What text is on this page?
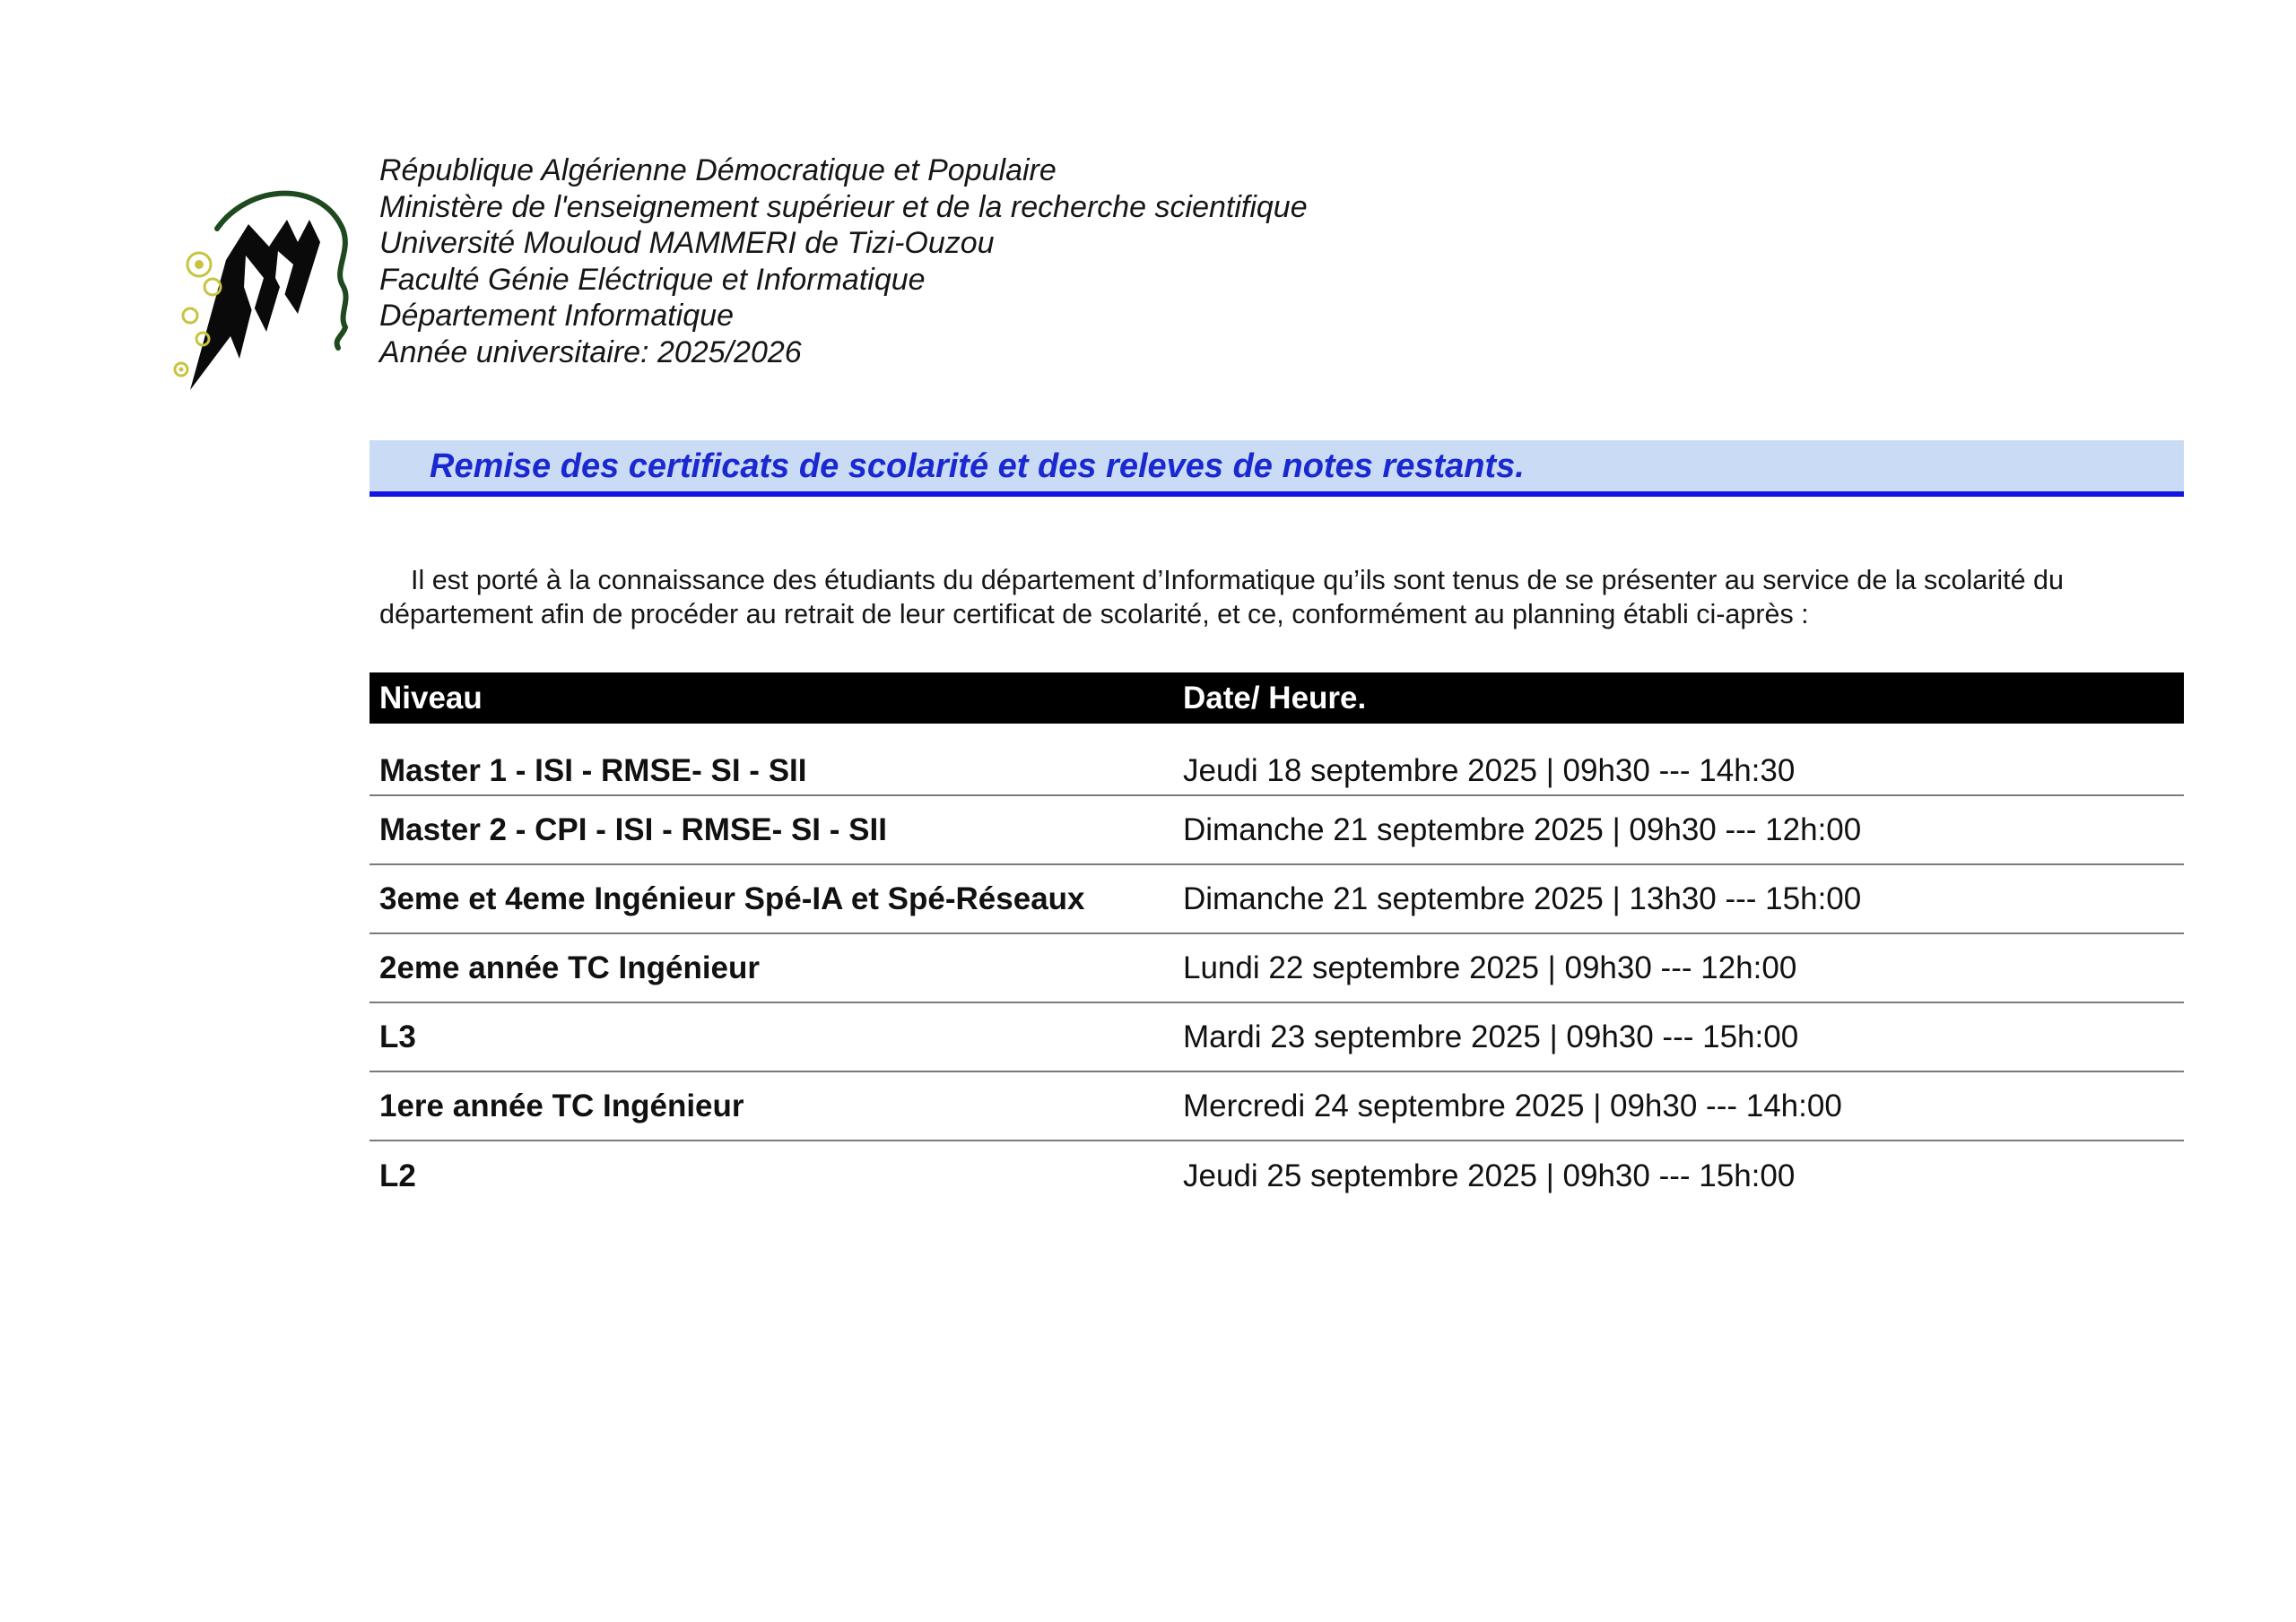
République Algérienne Démocratique et Populaire
Ministère de l'enseignement supérieur et de la recherche scientifique
Université Mouloud MAMMERI de Tizi-Ouzou
Faculté Génie Eléctrique et Informatique
Département Informatique
Année universitaire: 2025/2026
Remise des certificats de scolarité et des releves de notes restants.

Il est porté à la connaissance des étudiants du département d’Informatique qu’ils sont tenus de se présenter au service de la scolarité du département afin de procéder au retrait de leur certificat de scolarité, et ce, conformément au planning établi ci-après :

Niveau	Date/ Heure.
Master 1 - ISI - RMSE- SI - SII	Jeudi 18 septembre 2025 | 09h30 --- 14h:30
Master 2 - CPI - ISI - RMSE- SI - SII	Dimanche 21 septembre 2025 | 09h30 --- 12h:00
3eme et 4eme Ingénieur Spé-IA et Spé-Réseaux	Dimanche 21 septembre 2025 | 13h30 --- 15h:00
2eme année TC Ingénieur	Lundi 22 septembre 2025 | 09h30 --- 12h:00
L3	Mardi 23 septembre 2025 | 09h30 --- 15h:00
1ere année TC Ingénieur	Mercredi 24 septembre 2025 | 09h30 --- 14h:00
L2	Jeudi 25 septembre 2025 | 09h30 --- 15h:00
